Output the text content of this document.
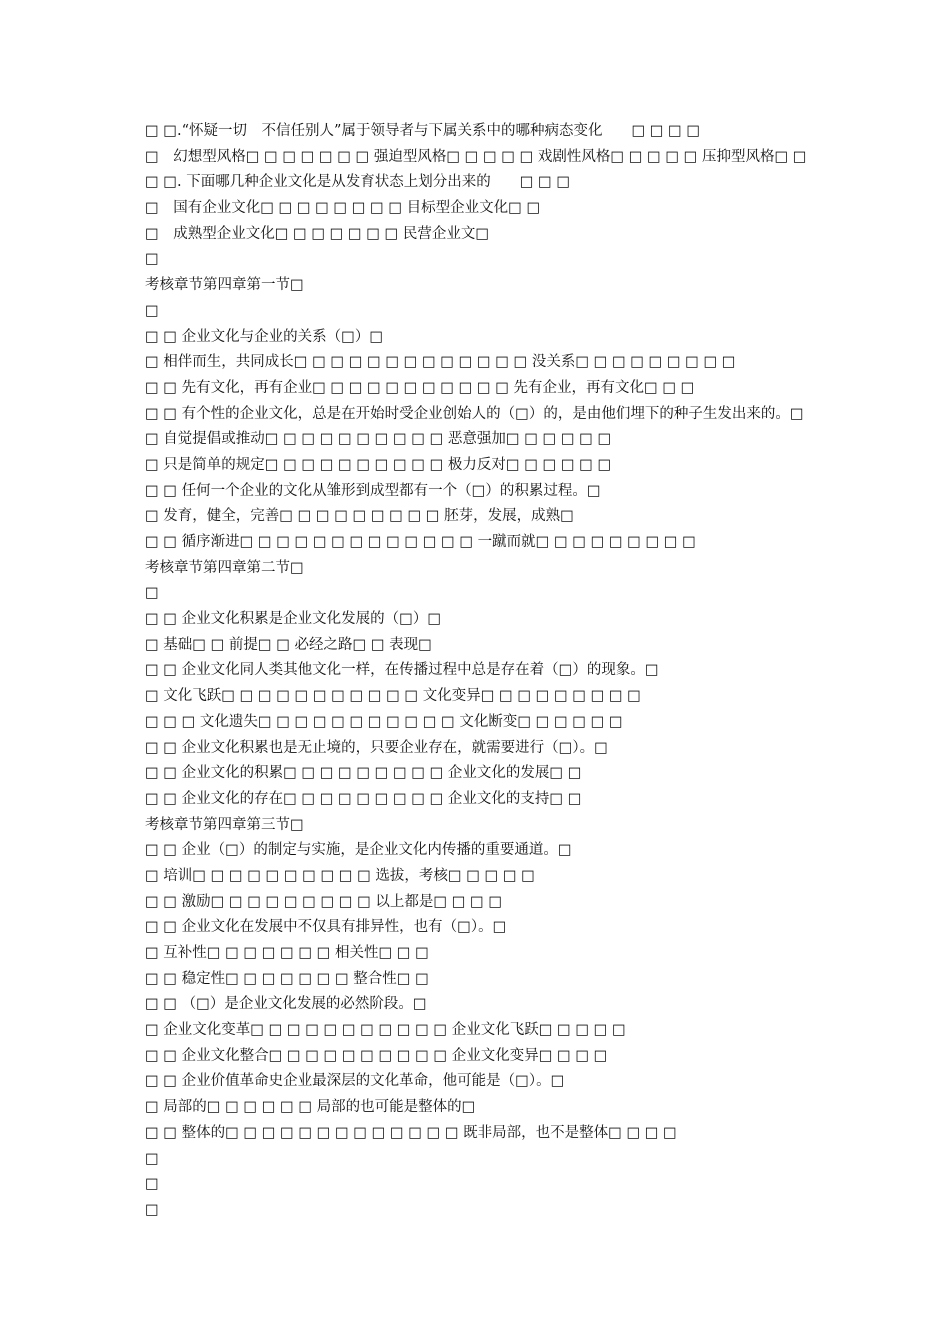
□ □.“怀疑一切　不信任别人”属于领导者与下属关系中的哪种病态变化　　□ □ □ □
□　幻想型风格□ □ □ □ □ □ □ 强迫型风格□ □ □ □ □ 戏剧性风格□ □ □ □ □ 压抑型风格□ □
□ □. 下面哪几种企业文化是从发育状态上划分出来的　　□ □ □
□　国有企业文化□ □ □ □ □ □ □ □ 目标型企业文化□ □
□　成熟型企业文化□ □ □ □ □ □ □ 民营企业文□
□
考核章节第四章第一节□
□
□ □ 企业文化与企业的关系（□）□
□ 相伴而生，共同成长□ □ □ □ □ □ □ □ □ □ □ □ □ 没关系□ □ □ □ □ □ □ □ □
□ □ 先有文化，再有企业□ □ □ □ □ □ □ □ □ □ □ 先有企业，再有文化□ □ □
□ □ 有个性的企业文化，总是在开始时受企业创始人的（□）的，是由他们埋下的种子生发出来的。□
□ 自觉提倡或推动□ □ □ □ □ □ □ □ □ □ 恶意强加□ □ □ □ □ □
□ 只是简单的规定□ □ □ □ □ □ □ □ □ □ 极力反对□ □ □ □ □ □
□ □ 任何一个企业的文化从雏形到成型都有一个（□）的积累过程。□
□ 发育，健全，完善□ □ □ □ □ □ □ □ □ 胚芽，发展，成熟□
□ □ 循序渐进□ □ □ □ □ □ □ □ □ □ □ □ □ 一蹴而就□ □ □ □ □ □ □ □ □
考核章节第四章第二节□
□
□ □ 企业文化积累是企业文化发展的（□）□
□ 基础□ □ 前提□ □ 必经之路□ □ 表现□
□ □ 企业文化同人类其他文化一样，在传播过程中总是存在着（□）的现象。□
□ 文化飞跃□ □ □ □ □ □ □ □ □ □ □ 文化变异□ □ □ □ □ □ □ □ □
□ □ □ 文化遗失□ □ □ □ □ □ □ □ □ □ □ 文化断变□ □ □ □ □ □
□ □ 企业文化积累也是无止境的，只要企业存在，就需要进行（□）。□
□ □ 企业文化的积累□ □ □ □ □ □ □ □ □ 企业文化的发展□ □
□ □ 企业文化的存在□ □ □ □ □ □ □ □ □ 企业文化的支持□ □
考核章节第四章第三节□
□ □ 企业（□）的制定与实施，是企业文化内传播的重要通道。□
□ 培训□ □ □ □ □ □ □ □ □ □ 选拔，考核□ □ □ □ □
□ □ 激励□ □ □ □ □ □ □ □ □ 以上都是□ □ □ □
□ □ 企业文化在发展中不仅具有排异性，也有（□）。□
□ 互补性□ □ □ □ □ □ □ 相关性□ □ □
□ □ 稳定性□ □ □ □ □ □ □ 整合性□ □
□ □ （□）是企业文化发展的必然阶段。□
□ 企业文化变革□ □ □ □ □ □ □ □ □ □ □ 企业文化飞跃□ □ □ □ □
□ □ 企业文化整合□ □ □ □ □ □ □ □ □ □ 企业文化变异□ □ □ □
□ □ 企业价值革命史企业最深层的文化革命，他可能是（□）。□
□ 局部的□ □ □ □ □ □ 局部的也可能是整体的□
□ □ 整体的□ □ □ □ □ □ □ □ □ □ □ □ □ 既非局部，也不是整体□ □ □ □
□
□
□
